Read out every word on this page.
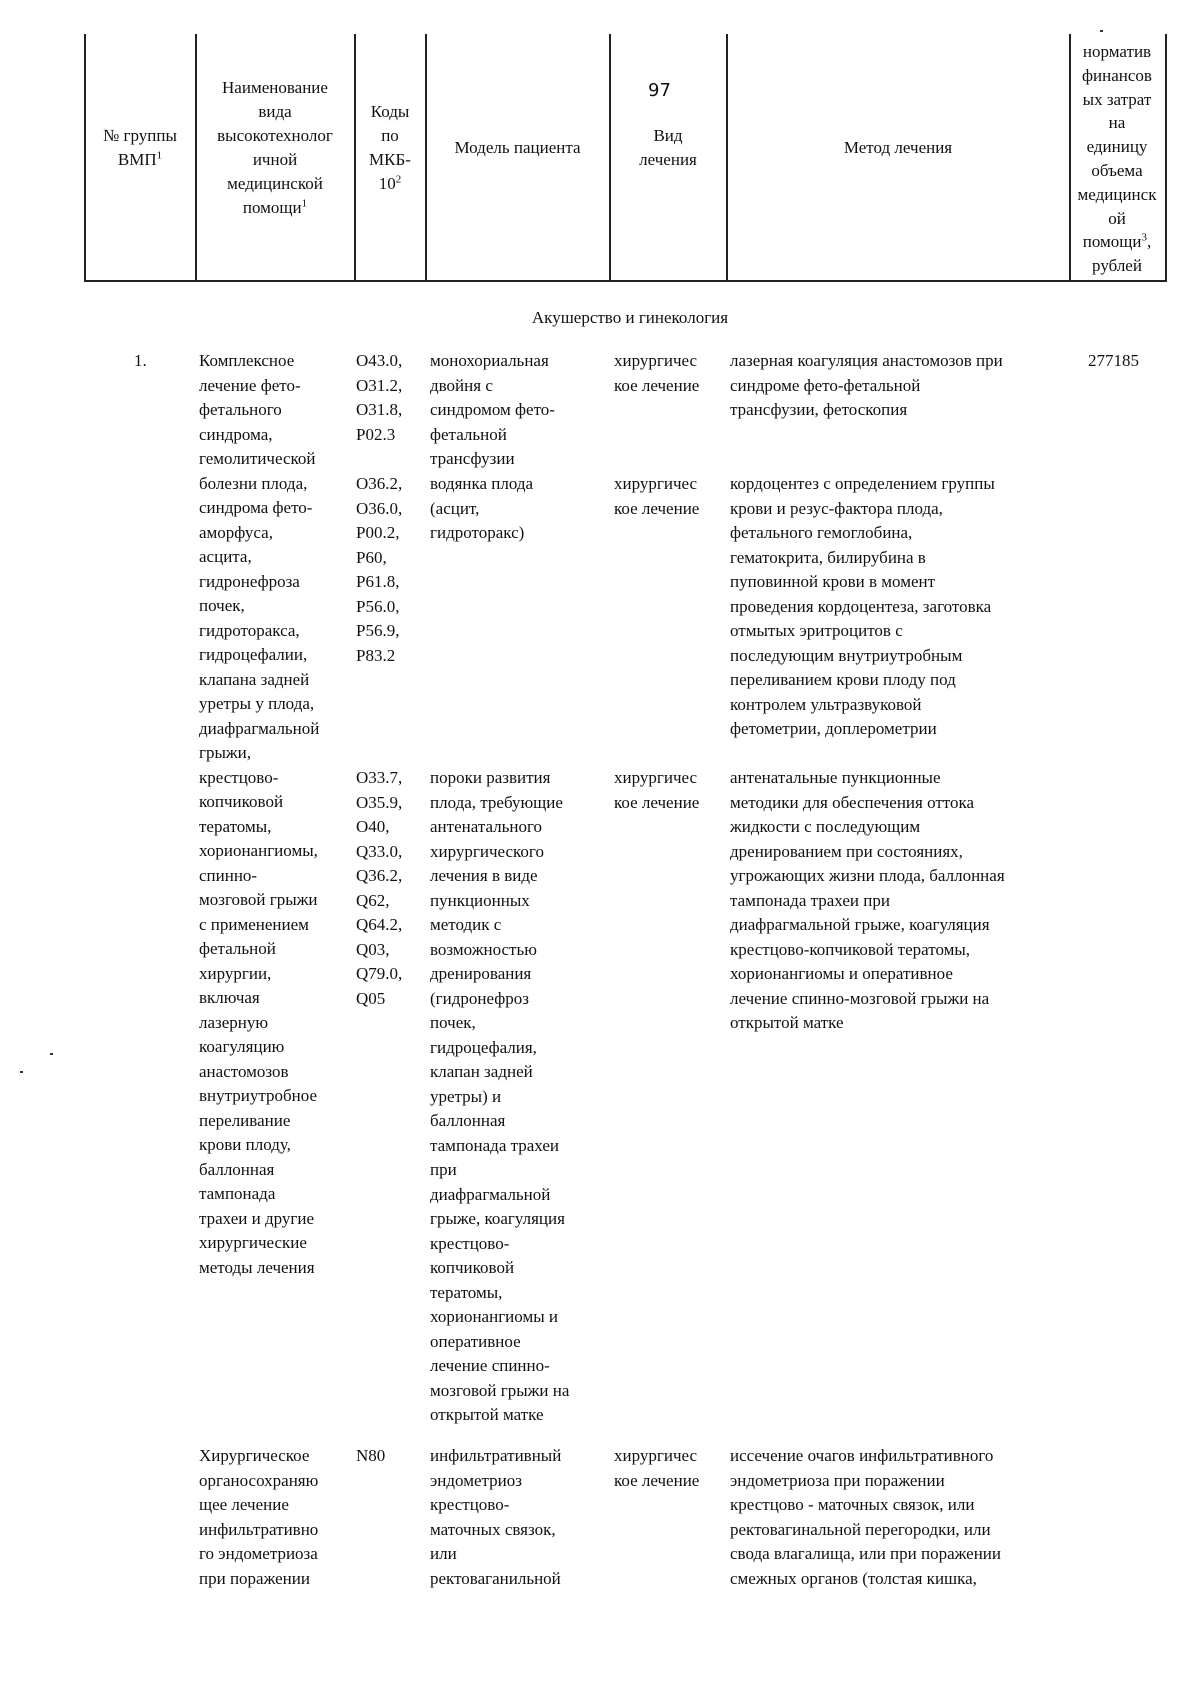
97
№ группы
ВМП$^1$
Наименование
вида
высокотехнолог
ичной
медицинской
помощи$^1$
Коды
по
МКБ-
$10^2$
Модель пациента
Вид
лечения
Метод лечения
норматив
финансов
ых затрат
на
единицу
объема
медицинск
ой
помощи$^3$,
рублей
Акушерство и гинекология
1.	277185
Комплексное
лечение фето-
фетального
синдрома,
гемолитической
болезни плода,
синдрома фето-
аморфуса,
асцита,
гидронефроза
почек,
гидроторакса,
гидроцефалии,
клапана задней
уретры у плода,
диафрагмальной
грыжи,
крестцово-
копчиковой
тератомы,
хорионангиомы,
спинно-
мозговой грыжи
с применением
фетальной
хирургии,
включая
лазерную
коагуляцию
анастомозов
внутриутробное
переливание
крови плоду,
баллонная
тампонада
трахеи и другие
хирургические
методы лечения
O43.0,
O31.2,
O31.8,
P02.3
монохориальная
двойня с
синдромом фето-
фетальной
трансфузии
хирургичес
кое лечение
лазерная коагуляция анастомозов при
синдроме фето-фетальной
трансфузии, фетоскопия
O36.2,
O36.0,
P00.2,
P60,
P61.8,
P56.0,
P56.9,
P83.2
водянка плода
(асцит,
гидроторакс)
хирургичес
кое лечение
кордоцентез с определением группы
крови и резус-фактора плода,
фетального гемоглобина,
гематокрита, билирубина в
пуповинной крови в момент
проведения кордоцентеза, заготовка
отмытых эритроцитов с
последующим внутриутробным
переливанием крови плоду под
контролем ультразвуковой
фетометрии, доплерометрии
O33.7,
O35.9,
O40,
Q33.0,
Q36.2,
Q62,
Q64.2,
Q03,
Q79.0,
Q05
пороки развития
плода, требующие
антенатального
хирургического
лечения в виде
пункционных
методик с
возможностью
дренирования
(гидронефроз
почек,
гидроцефалия,
клапан задней
уретры) и
баллонная
тампонада трахеи
при
диафрагмальной
грыже, коагуляция
крестцово-
копчиковой
тератомы,
хорионангиомы и
оперативное
лечение спинно-
мозговой грыжи на
открытой матке
хирургичес
кое лечение
антенатальные пункционные
методики для обеспечения оттока
жидкости с последующим
дренированием при состояниях,
угрожающих жизни плода, баллонная
тампонада трахеи при
диафрагмальной грыже, коагуляция
крестцово-копчиковой тератомы,
хорионангиомы и оперативное
лечение спинно-мозговой грыжи на
открытой матке
Хирургическое
органосохраняю
щее лечение
инфильтративно
го эндометриоза
при поражении
N80	инфильтративный
эндометриоз
крестцово-
маточных связок,
или
ректоваганильной
хирургичес
кое лечение
иссечение очагов инфильтративного
эндометриоза при поражении
крестцово - маточных связок, или
ректовагинальной перегородки, или
свода влагалища, или при поражении
смежных органов (толстая кишка,
